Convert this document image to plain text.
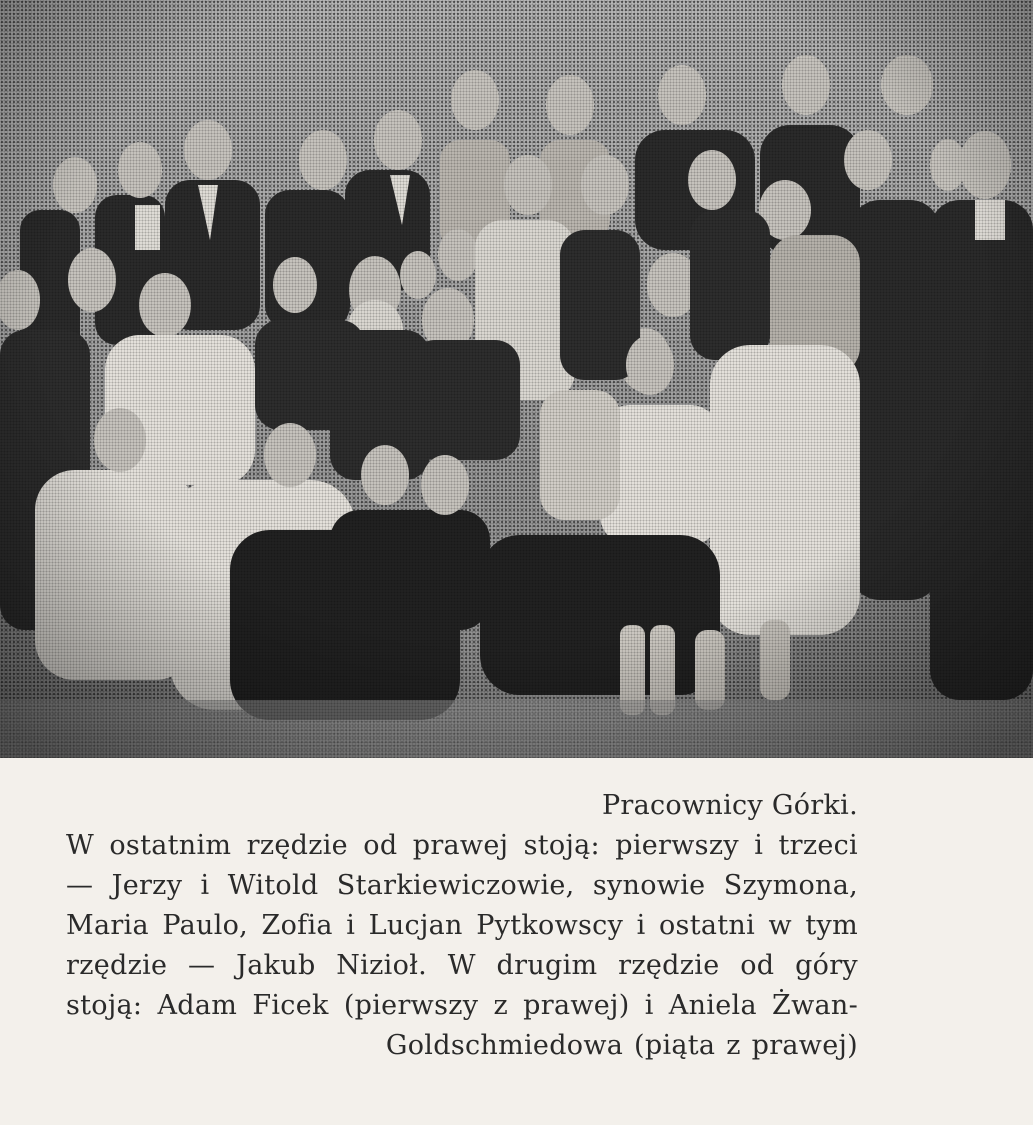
Pracownicy Górki.

W ostatnim rzędzie od prawej stoją: pierwszy i trzeci — Jerzy i Witold Starkiewiczowie, synowie Szymona, Maria Paulo, Zofia i Lucjan Pytkowscy i ostatni w tym rzędzie — Jakub Nizioł. W drugim rzędzie od góry stoją: Adam Ficek (pierwszy z prawej) i Aniela Żwan-Goldschmiedowa (piąta z prawej)
